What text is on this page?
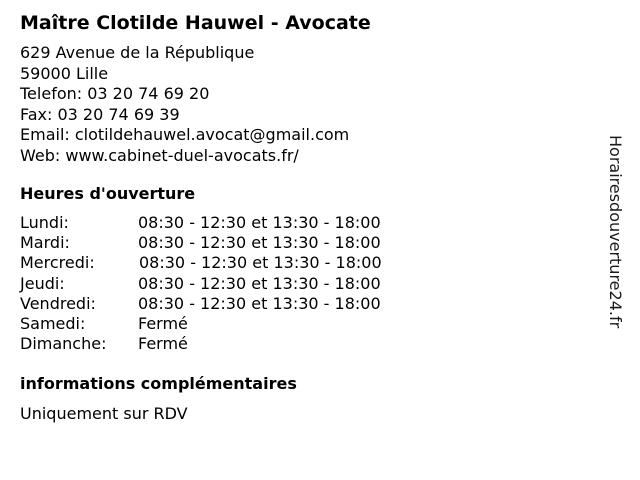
Maître Clotilde Hauwel - Avocate
629 Avenue de la République
59000 Lille
Telefon: 03 20 74 69 20
Fax: 03 20 74 69 39
Email: clotildehauwel.avocat@gmail.com
Web: www.cabinet-duel-avocats.fr/
Heures d'ouverture
Lundi:	08:30 - 12:30 et 13:30 - 18:00
Mardi:	08:30 - 12:30 et 13:30 - 18:00
Mercredi:	08:30 - 12:30 et 13:30 - 18:00
Jeudi:	08:30 - 12:30 et 13:30 - 18:00
Vendredi:	08:30 - 12:30 et 13:30 - 18:00
Samedi:	Fermé
Dimanche: Fermé
informations complémentaires
Uniquement sur RDV
Horairesdouverture24.fr
